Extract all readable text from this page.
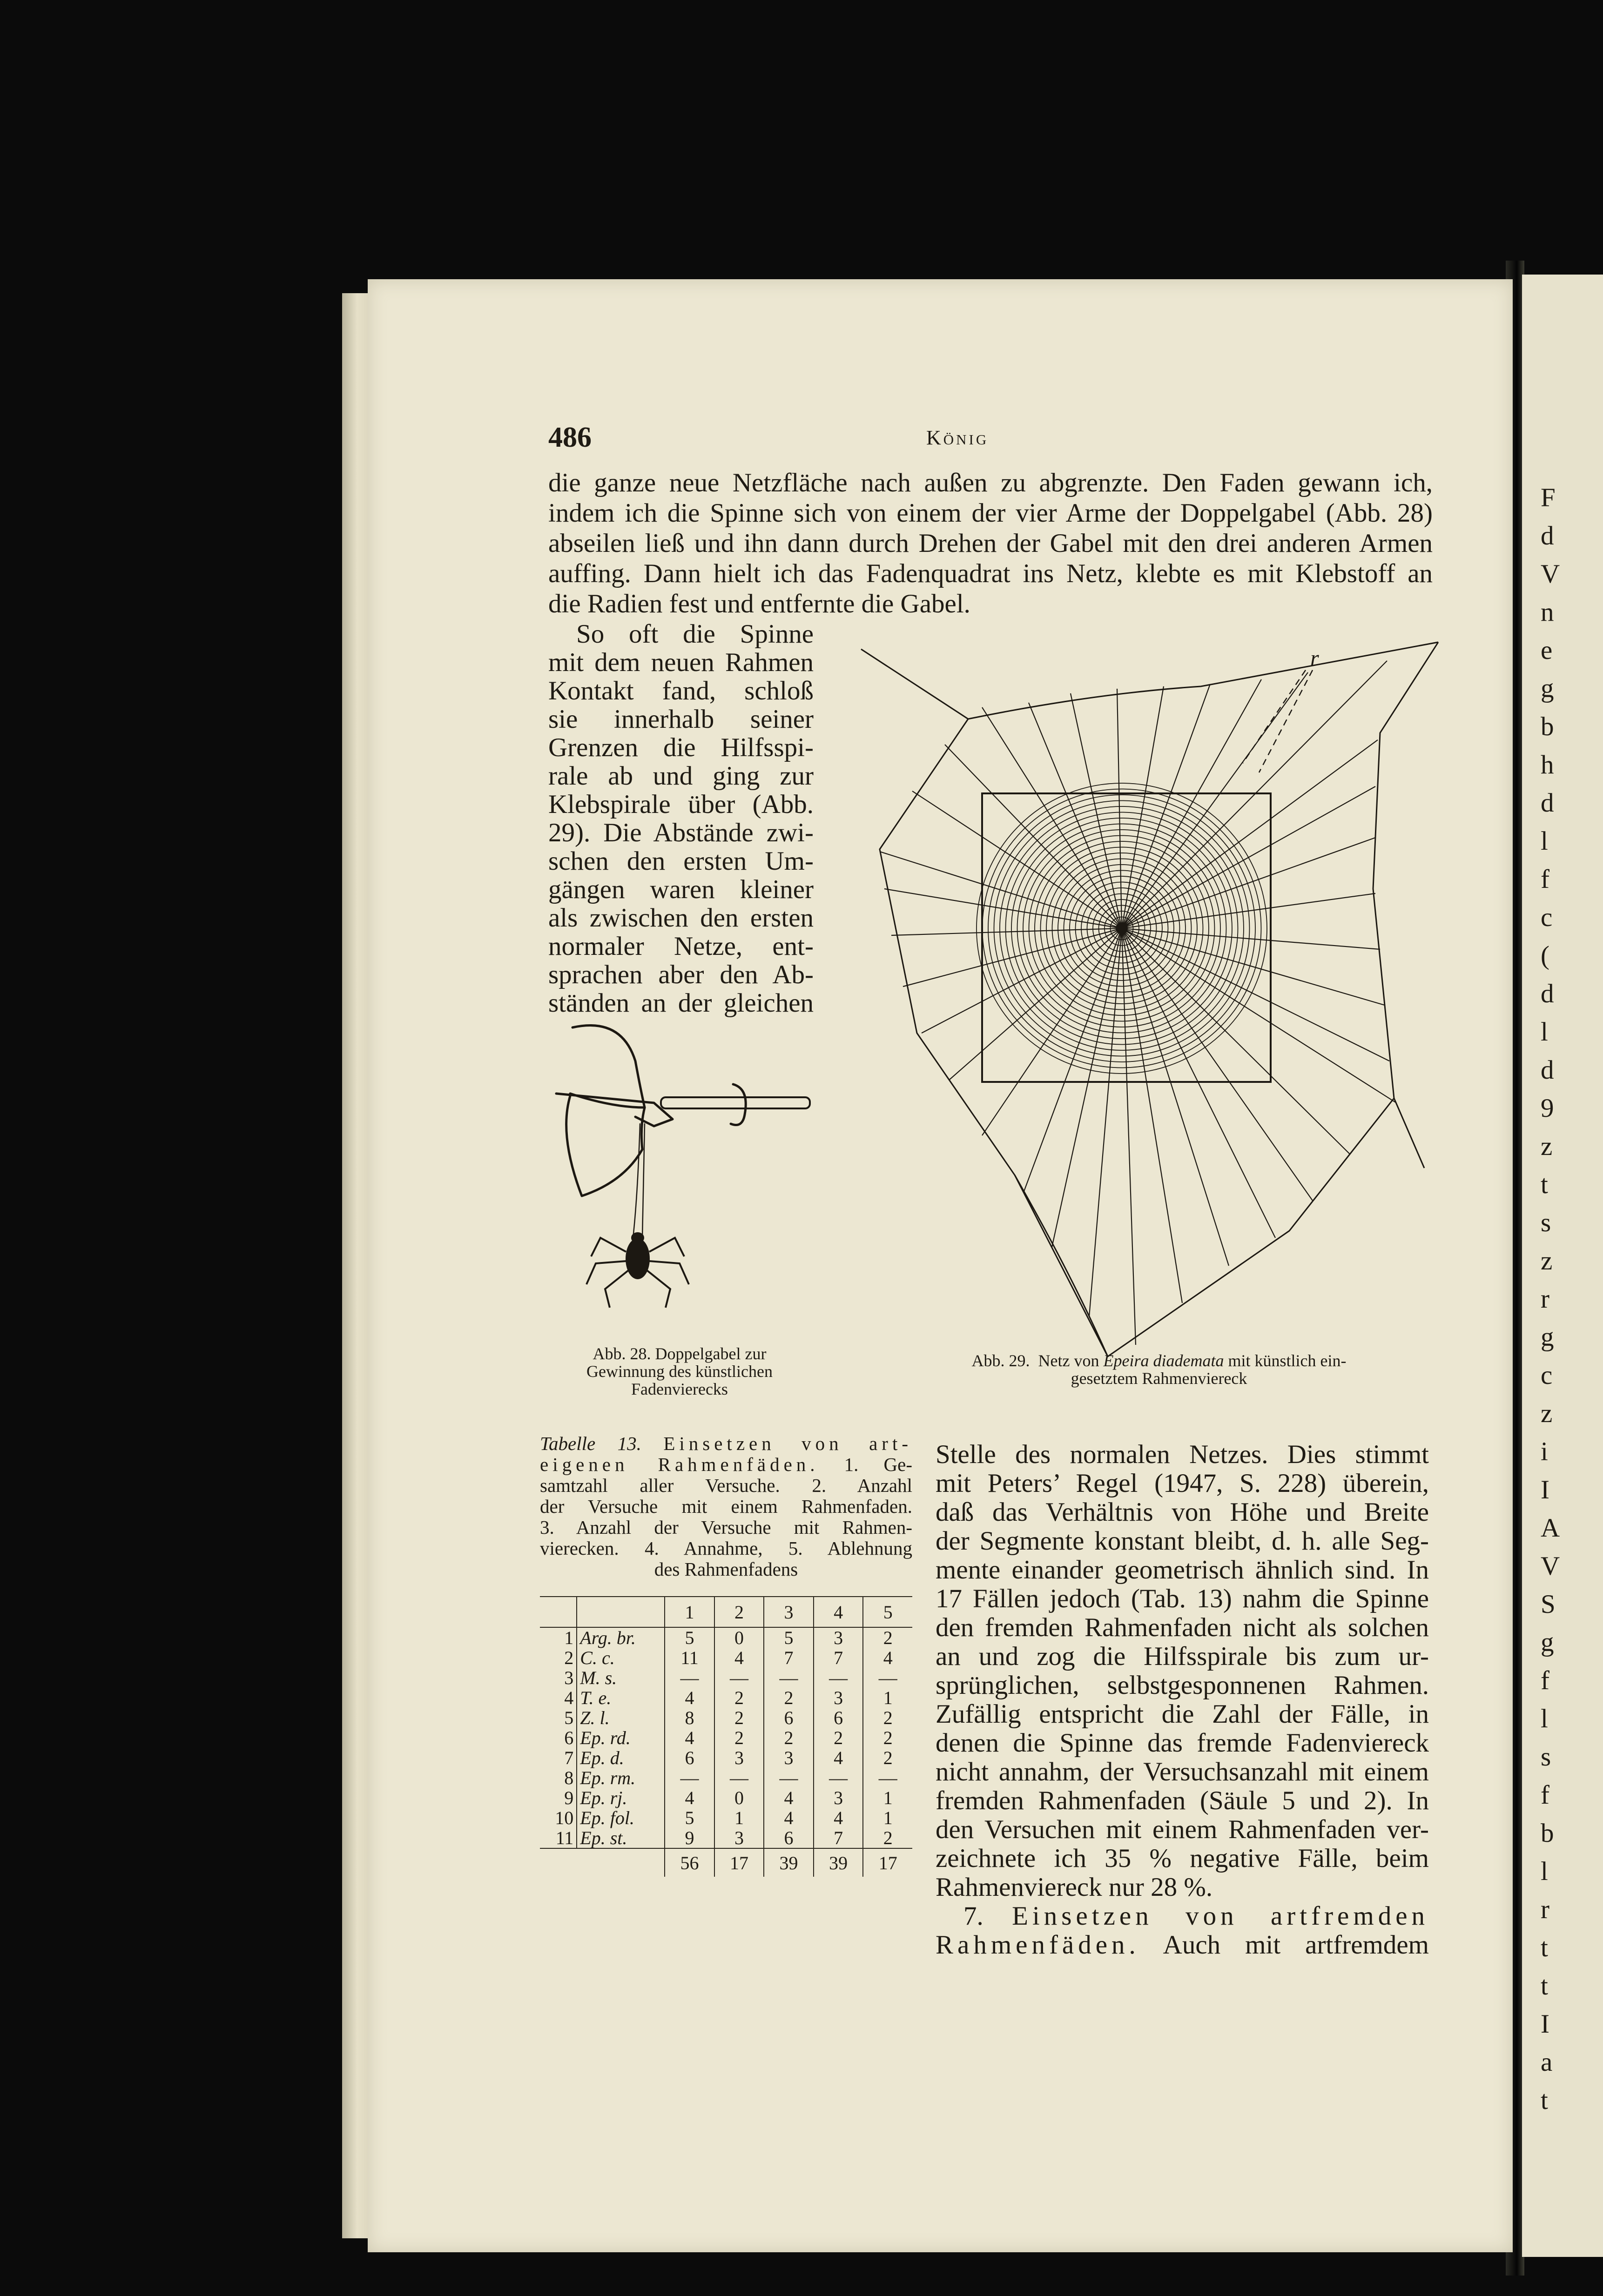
F
d
V
n
e
g
b
h
d
l
f
c
(
d
l
d
9
z
t
s
z
r
g
c
z
i
I
A
V
S
g
f
l
s
f
b
l
r
t
t
I
a
t
486	König
die ganze neue Netzfläche nach außen zu abgrenzte. Den Faden gewann ich,
indem ich die Spinne sich von einem der vier Arme der Doppelgabel (Abb. 28)
abseilen ließ und ihn dann durch Drehen der Gabel mit den drei anderen Armen
auffing. Dann hielt ich das Fadenquadrat ins Netz, klebte es mit Klebstoff an
die Radien fest und entfernte die Gabel.
So oft die Spinne
mit dem neuen Rahmen
Kontakt fand, schloß
sie innerhalb seiner
Grenzen die Hilfsspi-
rale ab und ging zur
Klebspirale über (Abb.
29). Die Abstände zwi-
schen den ersten Um-
gängen waren kleiner
als zwischen den ersten
normaler Netze, ent-
sprachen aber den Ab-
ständen an der gleichen
r
Abb. 28. Doppelgabel zur
Gewinnung des künstlichen
Fadenvierecks
Abb. 29. Netz von Epeira diademata mit künstlich ein-
gesetztem Rahmenviereck
Tabelle 13. Einsetzen von art-
eigenen Rahmenfäden. 1. Ge-
samtzahl aller Versuche. 2. Anzahl
der Versuche mit einem Rahmenfaden.
3. Anzahl der Versuche mit Rahmen-
vierecken. 4. Annahme, 5. Ablehnung
des Rahmenfadens
		1	2	3	4	5
1	Arg. br.	5	0	5	3	2
2	C. c.	11	4	7	7	4
3	M. s.	—	—	—	—	—
4	T. e.	4	2	2	3	1
5	Z. l.	8	2	6	6	2
6	Ep. rd.	4	2	2	2	2
7	Ep. d.	6	3	3	4	2
8	Ep. rm.	—	—	—	—	—
9	Ep. rj.	4	0	4	3	1
10	Ep. fol.	5	1	4	4	1
11	Ep. st.	9	3	6	7	2
		56	17	39	39	17
Stelle des normalen Netzes. Dies stimmt
mit Peters’ Regel (1947, S. 228) überein,
daß das Verhältnis von Höhe und Breite
der Segmente konstant bleibt, d. h. alle Seg-
mente einander geometrisch ähnlich sind. In
17 Fällen jedoch (Tab. 13) nahm die Spinne
den fremden Rahmenfaden nicht als solchen
an und zog die Hilfsspirale bis zum ur-
sprünglichen, selbstgesponnenen Rahmen.
Zufällig entspricht die Zahl der Fälle, in
denen die Spinne das fremde Fadenviereck
nicht annahm, der Versuchsanzahl mit einem
fremden Rahmenfaden (Säule 5 und 2). In
den Versuchen mit einem Rahmenfaden ver-
zeichnete ich 35 % negative Fälle, beim
Rahmenviereck nur 28 %.
7. Einsetzen von artfremden
Rahmenfäden. Auch mit artfremdem
